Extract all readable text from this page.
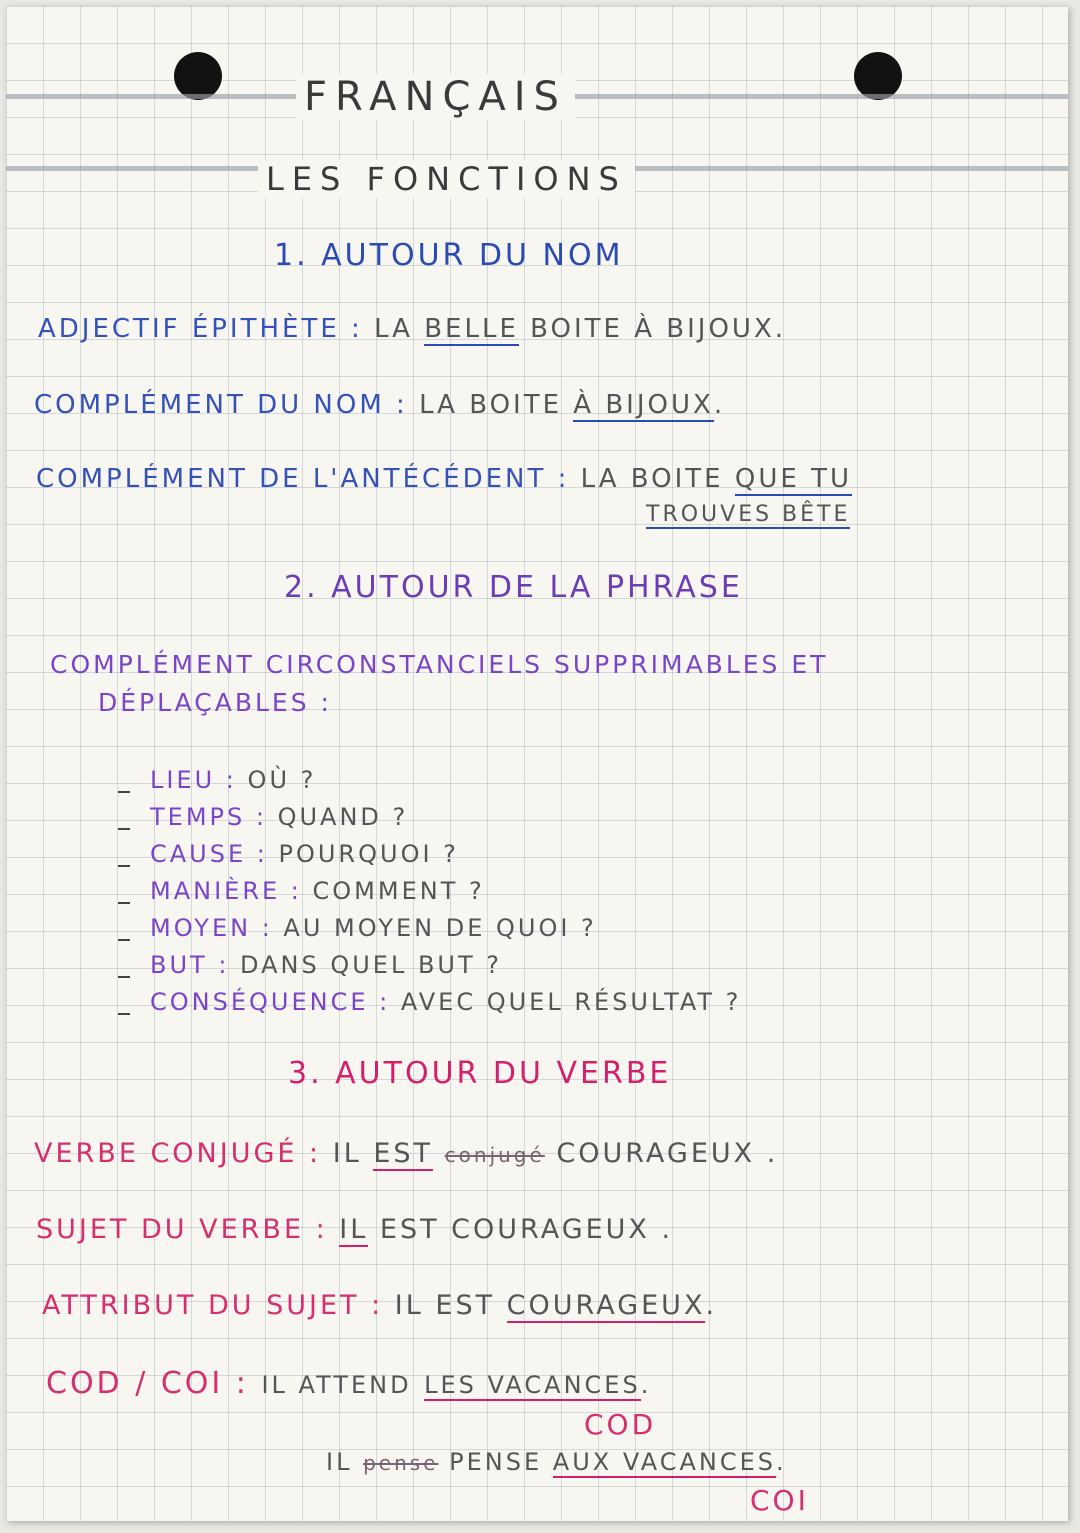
FRANÇAIS
LES FONCTIONS
1. AUTOUR DU NOM
ADJECTIF ÉPITHÈTE : LA BELLE BOITE À BIJOUX.
COMPLÉMENT DU NOM : LA BOITE À BIJOUX.
COMPLÉMENT DE L'ANTÉCÉDENT : LA BOITE QUE TU
TROUVES BÊTE
2. AUTOUR DE LA PHRASE
COMPLÉMENT CIRCONSTANCIELS SUPPRIMABLES ET
DÉPLAÇABLES :
LIEU : OÙ ?
TEMPS : QUAND ?
CAUSE : POURQUOI ?
MANIÈRE : COMMENT ?
MOYEN : AU MOYEN DE QUOI ?
BUT : DANS QUEL BUT ?
CONSÉQUENCE : AVEC QUEL RÉSULTAT ?
3. AUTOUR DU VERBE
VERBE CONJUGÉ : IL EST conjugé COURAGEUX .
SUJET DU VERBE : IL EST COURAGEUX .
ATTRIBUT DU SUJET : IL EST COURAGEUX.
COD / COI : IL ATTEND LES VACANCES.
COD
IL pense PENSE AUX VACANCES.
COI
